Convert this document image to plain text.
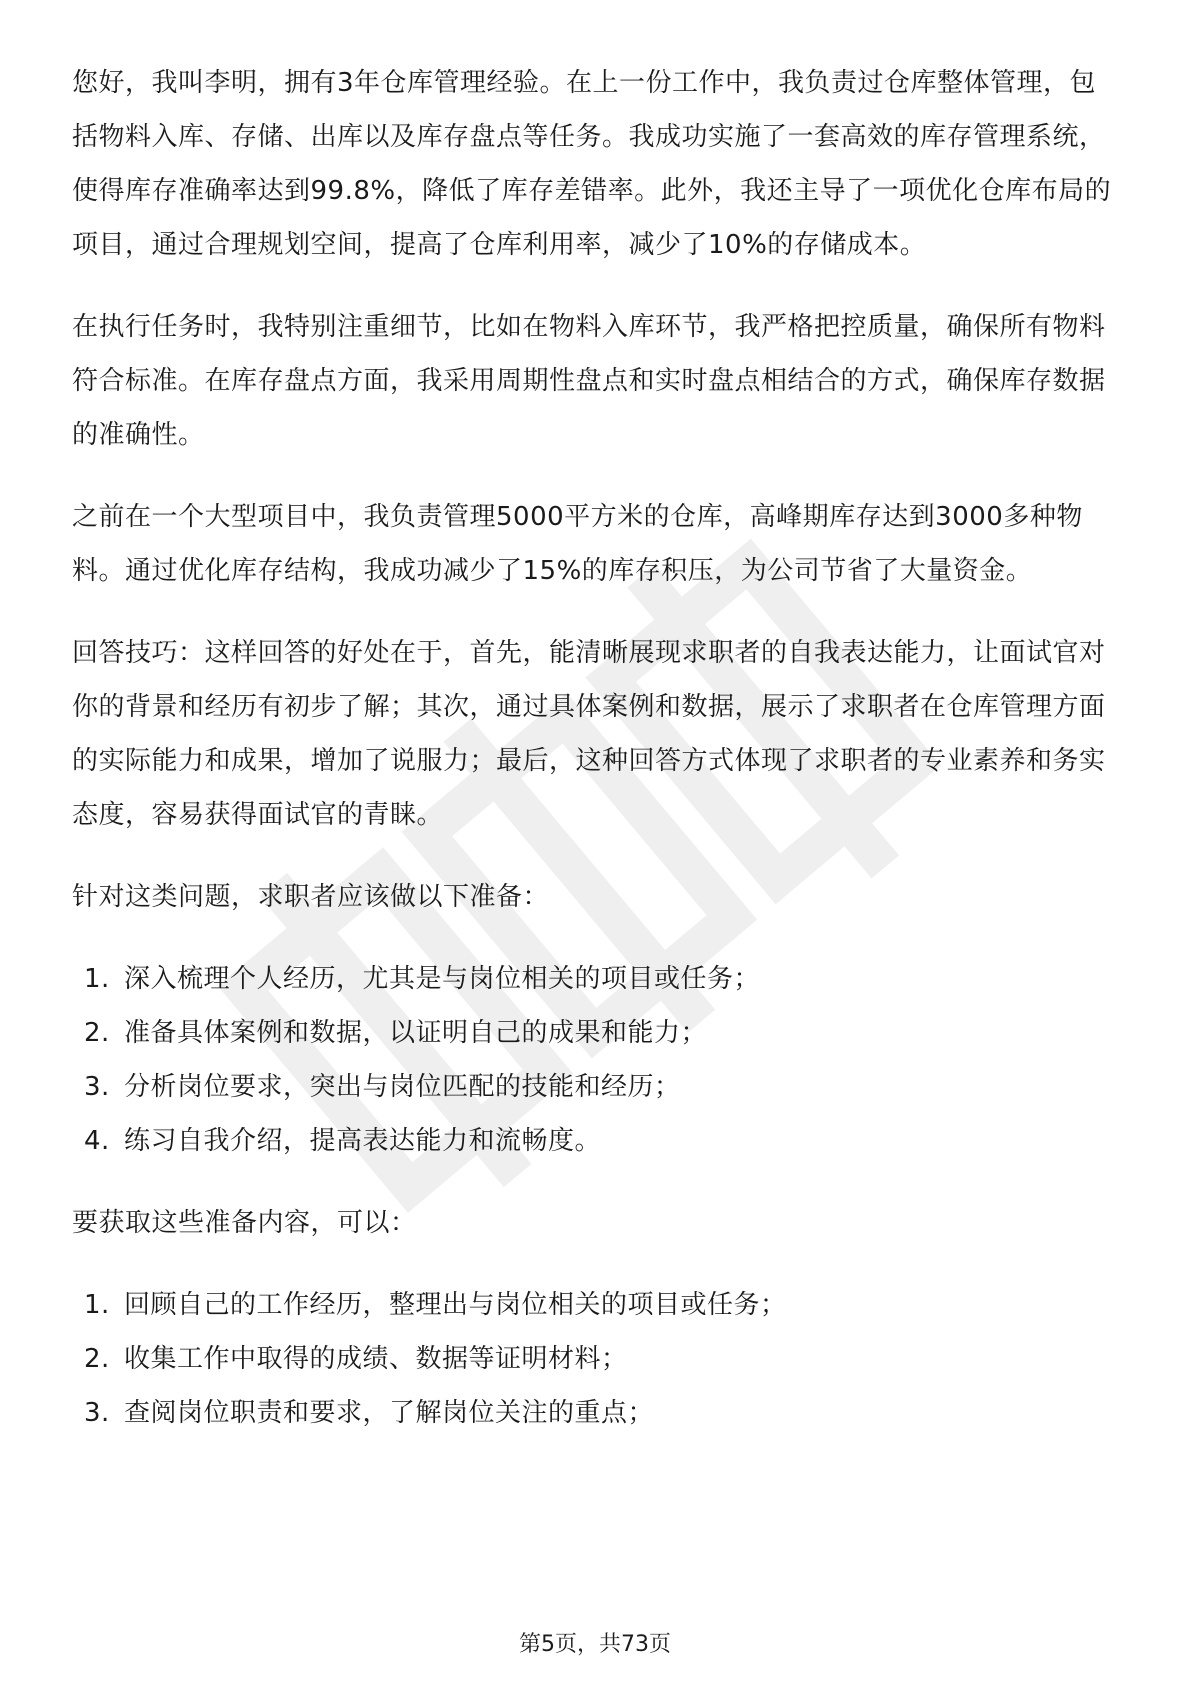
您好，我叫李明，拥有3年仓库管理经验。在上一份工作中，我负责过仓库整体管理，包括物料入库、存储、出库以及库存盘点等任务。我成功实施了一套高效的库存管理系统，使得库存准确率达到99.8%，降低了库存差错率。此外，我还主导了一项优化仓库布局的项目，通过合理规划空间，提高了仓库利用率，减少了10%的存储成本。

在执行任务时，我特别注重细节，比如在物料入库环节，我严格把控质量，确保所有物料符合标准。在库存盘点方面，我采用周期性盘点和实时盘点相结合的方式，确保库存数据的准确性。

之前在一个大型项目中，我负责管理5000平方米的仓库，高峰期库存达到3000多种物料。通过优化库存结构，我成功减少了15%的库存积压，为公司节省了大量资金。

回答技巧：这样回答的好处在于，首先，能清晰展现求职者的自我表达能力，让面试官对你的背景和经历有初步了解；其次，通过具体案例和数据，展示了求职者在仓库管理方面的实际能力和成果，增加了说服力；最后，这种回答方式体现了求职者的专业素养和务实态度，容易获得面试官的青睐。

针对这类问题，求职者应该做以下准备：

1. 深入梳理个人经历，尤其是与岗位相关的项目或任务；
2. 准备具体案例和数据，以证明自己的成果和能力；
3. 分析岗位要求，突出与岗位匹配的技能和经历；
4. 练习自我介绍，提高表达能力和流畅度。

要获取这些准备内容，可以：

1. 回顾自己的工作经历，整理出与岗位相关的项目或任务；
2. 收集工作中取得的成绩、数据等证明材料；
3. 查阅岗位职责和要求，了解岗位关注的重点；
第5页，共73页
